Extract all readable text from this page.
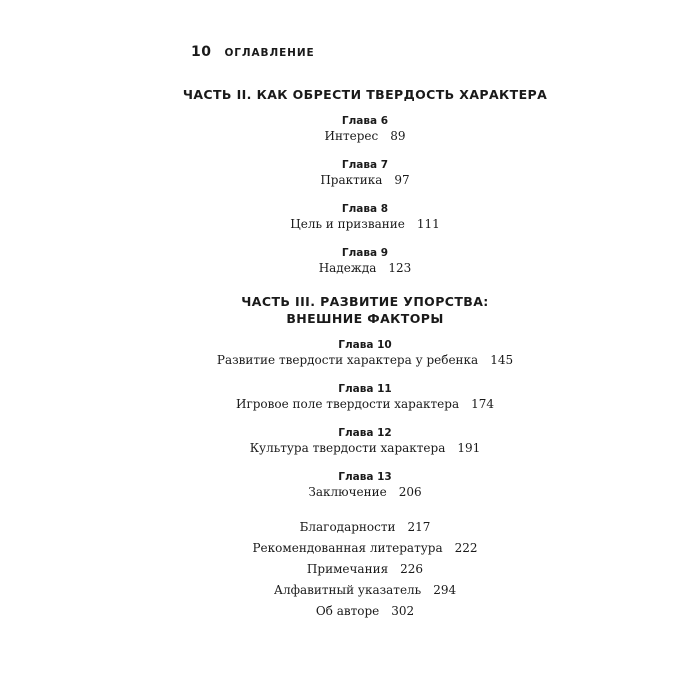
10 ОГЛАВЛЕНИЕ
ЧАСТЬ II. КАК ОБРЕСТИ ТВЕРДОСТЬ ХАРАКТЕРА
Глава 6
Интерес 89
Глава 7
Практика 97
Глава 8
Цель и призвание 111
Глава 9
Надежда 123
ЧАСТЬ III. РАЗВИТИЕ УПОРСТВА:
ВНЕШНИЕ ФАКТОРЫ
Глава 10
Развитие твердости характера у ребенка 145
Глава 11
Игровое поле твердости характера 174
Глава 12
Культура твердости характера 191
Глава 13
Заключение 206
Благодарности 217
Рекомендованная литература 222
Примечания 226
Алфавитный указатель 294
Об авторе 302
